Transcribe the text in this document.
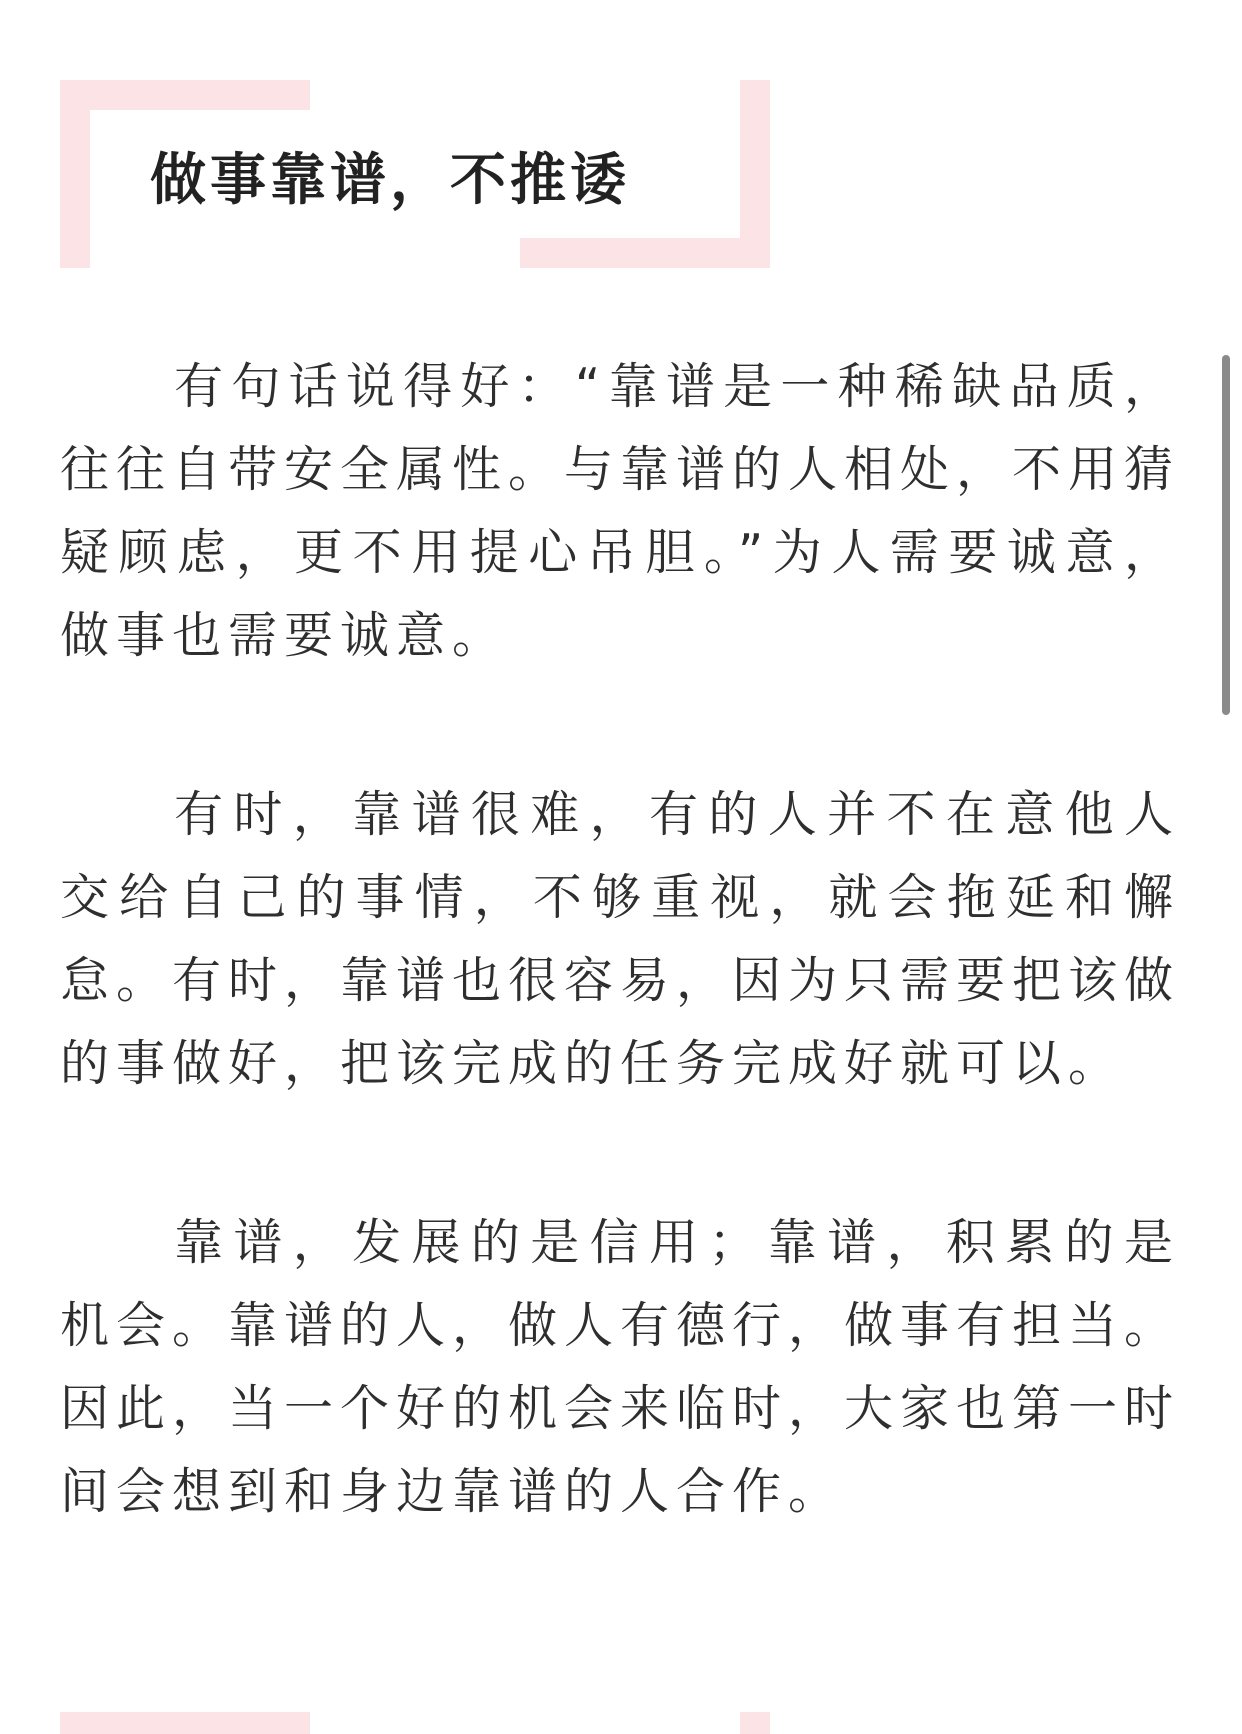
做事靠谱，不推诿

有句话说得好：“靠谱是一种稀缺品质，往往自带安全属性。与靠谱的人相处，不用猜疑顾虑，更不用提心吊胆。”为人需要诚意，做事也需要诚意。

有时，靠谱很难，有的人并不在意他人交给自己的事情，不够重视，就会拖延和懈怠。有时，靠谱也很容易，因为只需要把该做的事做好，把该完成的任务完成好就可以。

靠谱，发展的是信用；靠谱，积累的是机会。靠谱的人，做人有德行，做事有担当。因此，当一个好的机会来临时，大家也第一时间会想到和身边靠谱的人合作。
